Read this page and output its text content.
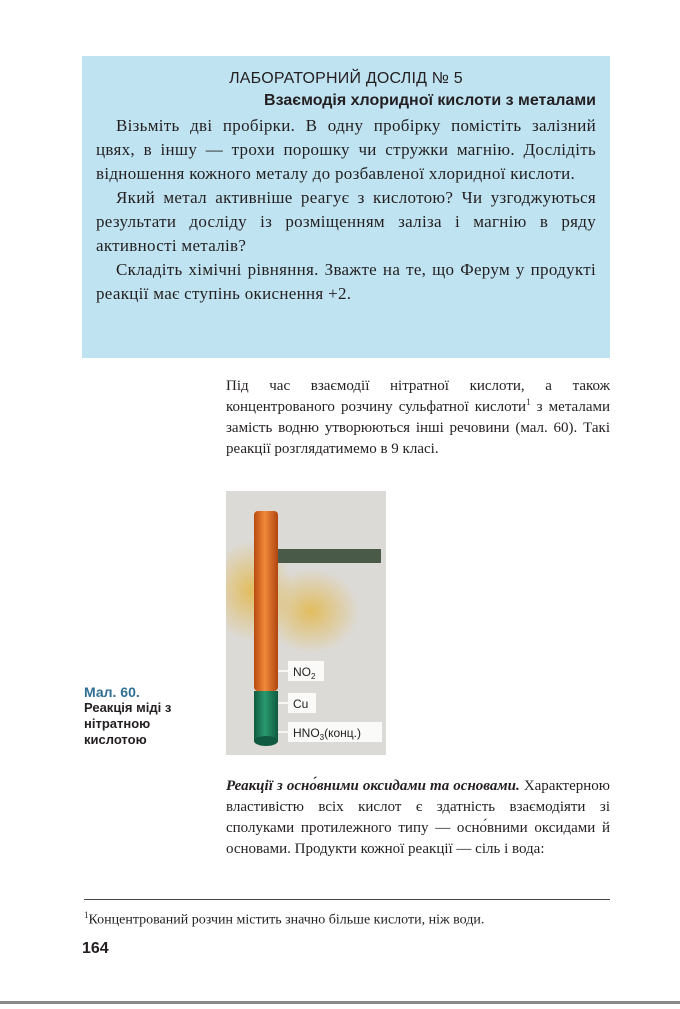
ЛАБОРАТОРНИЙ ДОСЛІД № 5
Взаємодія хлоридної кислоти з металами

Візьміть дві пробірки. В одну пробірку помістіть залізний цвях, в іншу — трохи порошку чи стружки магнію. Дослідіть відношення кожного металу до розбавленої хлоридної кислоти.

Який метал активніше реагує з кислотою? Чи узгоджуються результати досліду із розміщенням заліза і магнію в ряду активності металів?

Складіть хімічні рівняння. Зважте на те, що Ферум у продукті реакції має ступінь окиснення +2.

Під час взаємодії нітратної кислоти, а також концентрованого розчину сульфатної кислоти$^1$ з металами замість водню утворюються інші речовини (мал. 60). Такі реакції розглядатимемо в 9 класі.

$NO_2$
Cu
$HNO_3(конц.)$
Мал. 60.
Реакція міді з нітратною кислотою

Реакції з осно́вними оксидами та основами. Характерною властивістю всіх кислот є здатність взаємодіяти зі сполуками протилежного типу — осно́вними оксидами й основами. Продукти кожної реакції — сіль і вода:

$^1$Концентрований розчин містить значно більше кислоти, ніж води.
164
